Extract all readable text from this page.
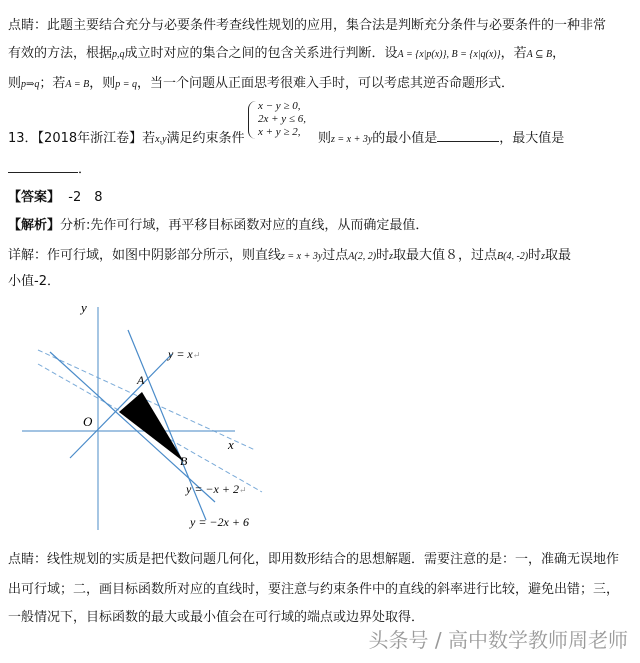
点睛：此题主要结合充分与必要条件考查线性规划的应用，集合法是判断充分条件与必要条件的一种非常
有效的方法，根据p,q成立时对应的集合之间的包含关系进行判断．设A = {x|p(x)}, B = {x|q(x)}，若A ⊆ B，
则p⇒q；若A = B，则p = q，当一个问题从正面思考很难入手时，可以考虑其逆否命题形式．
13．【2018年浙江卷】若x,y满足约束条件
x − y ≥ 0,
2x + y ≤ 6,
x + y ≥ 2, 则z = x + 3y的最小值是	，最大值是
．
【答案】 -2　8
【解析】分析:先作可行域，再平移目标函数对应的直线，从而确定最值．
详解：作可行域，如图中阴影部分所示，则直线z = x + 3y过点A(2, 2)时z取最大值８，过点B(4, -2)时z取最
小值-2．
y
x
O
A
B
y = x↵
y = −x + 2↵
y = −2x + 6
点睛：线性规划的实质是把代数问题几何化，即用数形结合的思想解题．需要注意的是：一，准确无误地作
出可行域；二，画目标函数所对应的直线时，要注意与约束条件中的直线的斜率进行比较，避免出错；三，
一般情况下，目标函数的最大或最小值会在可行域的端点或边界处取得．
头条号 / 高中数学教师周老师
